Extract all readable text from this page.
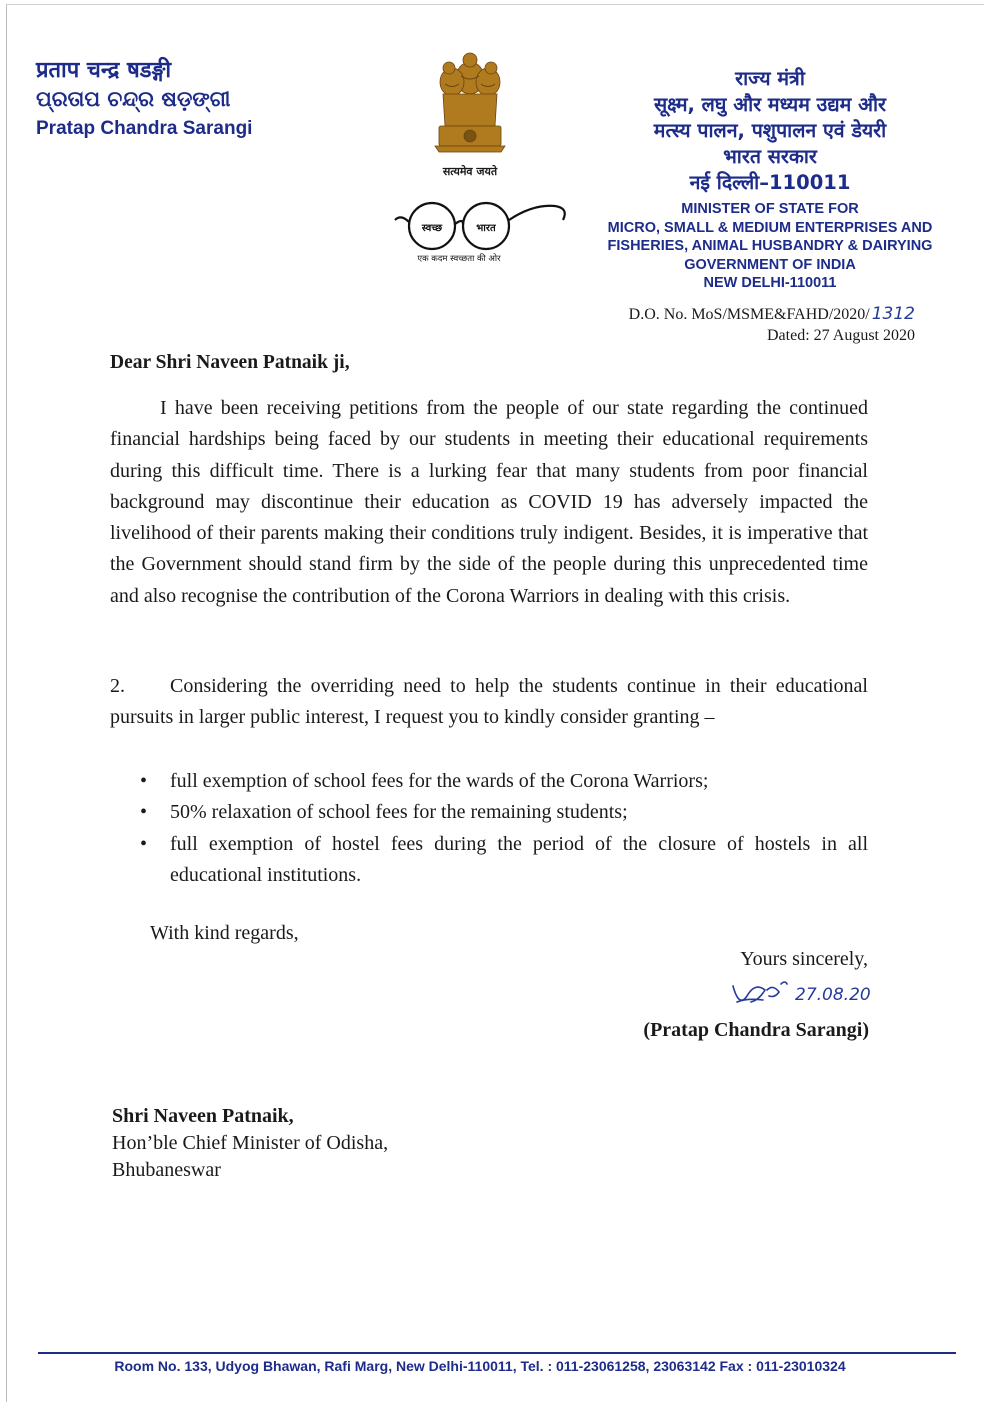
प्रताप चन्द्र षडङ्गी
ପ୍ରତାପ ଚନ୍ଦ୍ର ଷଡ଼ଙ୍ଗୀ
Pratap Chandra Sarangi
सत्यमेव जयते
स्वच्छ	भारत
एक कदम स्वच्छता की ओर
राज्य मंत्री
सूक्ष्म, लघु और मध्यम उद्यम और
मत्स्य पालन, पशुपालन एवं डेयरी
भारत सरकार
नई दिल्ली–110011
MINISTER OF STATE FOR
MICRO, SMALL & MEDIUM ENTERPRISES AND
FISHERIES, ANIMAL HUSBANDRY & DAIRYING
GOVERNMENT OF INDIA
NEW DELHI-110011
D.O. No. MoS/MSME&FAHD/2020/ 1312
Dated: 27 August 2020
Dear Shri Naveen Patnaik ji,

I have been receiving petitions from the people of our state regarding the continued financial hardships being faced by our students in meeting their educational requirements during this difficult time. There is a lurking fear that many students from poor financial background may discontinue their education as COVID 19 has adversely impacted the livelihood of their parents making their conditions truly indigent. Besides, it is imperative that the Government should stand firm by the side of the people during this unprecedented time and also recognise the contribution of the Corona Warriors in dealing with this crisis.

2. Considering the overriding need to help the students continue in their educational pursuits in larger public interest, I request you to kindly consider granting –

• full exemption of school fees for the wards of the Corona Warriors;
• 50% relaxation of school fees for the remaining students;
• full exemption of hostel fees during the period of the closure of hostels in all educational institutions.
With kind regards,
Yours sincerely,
27.08.20
(Pratap Chandra Sarangi)
Shri Naveen Patnaik,
Hon’ble Chief Minister of Odisha,
Bhubaneswar
Room No. 133, Udyog Bhawan, Rafi Marg, New Delhi-110011, Tel. : 011-23061258, 23063142 Fax : 011-23010324
